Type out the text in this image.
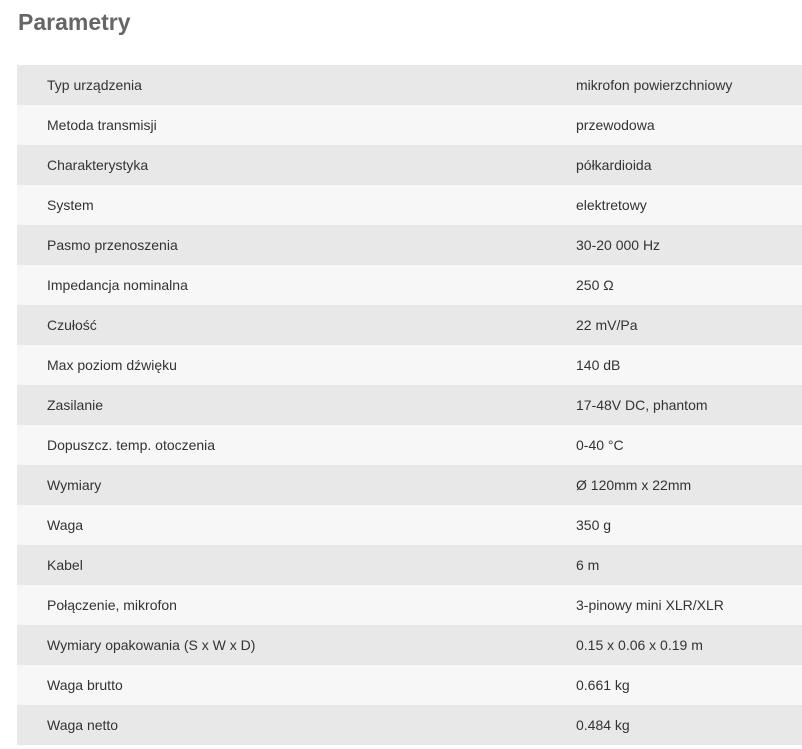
Parametry
Typ urządzenia	mikrofon powierzchniowy
Metoda transmisji	przewodowa
Charakterystyka	półkardioida
System	elektretowy
Pasmo przenoszenia	30-20 000 Hz
Impedancja nominalna	250 Ω
Czułość	22 mV/Pa
Max poziom dźwięku	140 dB
Zasilanie	17-48V DC, phantom
Dopuszcz. temp. otoczenia	0-40 °C
Wymiary	Ø 120mm x 22mm
Waga	350 g
Kabel	6 m
Połączenie, mikrofon	3-pinowy mini XLR/XLR
Wymiary opakowania (S x W x D)	0.15 x 0.06 x 0.19 m
Waga brutto	0.661 kg
Waga netto	0.484 kg
